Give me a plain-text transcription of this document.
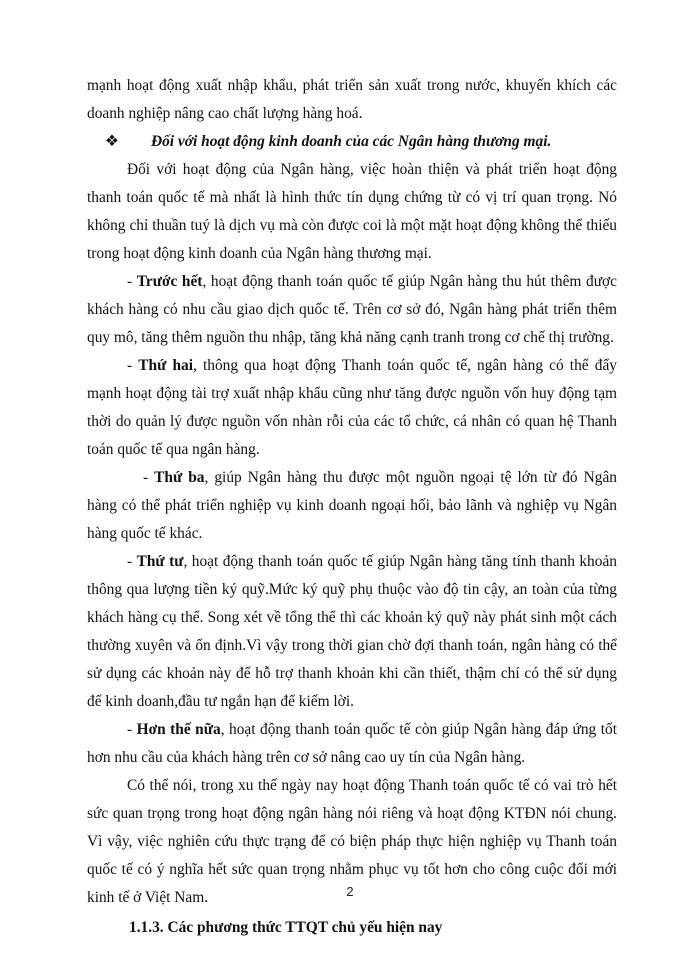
mạnh hoạt động xuất nhập khẩu, phát triển sản xuất trong nước, khuyến khích các doanh nghiệp nâng cao chất lượng hàng hoá.

❖ Đối với hoạt động kinh doanh của các Ngân hàng thương mại.

Đối với hoạt động của Ngân hàng, việc hoàn thiện và phát triển hoạt động thanh toán quốc tế mà nhất là hình thức tín dụng chứng từ có vị trí quan trọng. Nó không chỉ thuần tuý là dịch vụ mà còn được coi là một mặt hoạt động không thể thiếu trong hoạt động kinh doanh của Ngân hàng thương mại.

- Trước hết, hoạt động thanh toán quốc tế giúp Ngân hàng thu hút thêm được khách hàng có nhu cầu giao dịch quốc tế. Trên cơ sở đó, Ngân hàng phát triển thêm quy mô, tăng thêm nguồn thu nhập, tăng khả năng cạnh tranh trong cơ chế thị trường.

- Thứ hai, thông qua hoạt động Thanh toán quốc tế, ngân hàng có thể đẩy mạnh hoạt động tài trợ xuất nhập khẩu cũng như tăng được nguồn vốn huy động tạm thời do quản lý được nguồn vốn nhàn rỗi của các tổ chức, cá nhân có quan hệ Thanh toán quốc tế qua ngân hàng.

- Thứ ba, giúp Ngân hàng thu được một nguồn ngoại tệ lớn từ đó Ngân hàng có thể phát triển nghiệp vụ kinh doanh ngoại hối, bảo lãnh và nghiệp vụ Ngân hàng quốc tế khác.

- Thứ tư, hoạt động thanh toán quốc tế giúp Ngân hàng tăng tính thanh khoản thông qua lượng tiền ký quỹ.Mức ký quỹ phụ thuộc vào độ tin cậy, an toàn của từng khách hàng cụ thể. Song xét về tổng thể thì các khoản ký quỹ này phát sinh một cách thường xuyên và ổn định.Vì vậy trong thời gian chờ đợi thanh toán, ngân hàng có thể sử dụng các khoản này để hỗ trợ thanh khoản khi cần thiết, thậm chí có thể sử dụng để kinh doanh,đầu tư ngắn hạn để kiếm lời.

- Hơn thế nữa, hoạt động thanh toán quốc tế còn giúp Ngân hàng đáp ứng tốt hơn nhu cầu của khách hàng trên cơ sở nâng cao uy tín của Ngân hàng.

Có thể nói, trong xu thế ngày nay hoạt động Thanh toán quốc tế có vai trò hết sức quan trọng trong hoạt động ngân hàng nói riêng và hoạt động KTĐN nói chung. Vì vậy, việc nghiên cứu thực trạng để có biện pháp thực hiện nghiệp vụ Thanh toán quốc tế có ý nghĩa hết sức quan trọng nhằm phục vụ tốt hơn cho công cuộc đổi mới kinh tế ở Việt Nam.

1.1.3. Các phương thức TTQT chủ yếu hiện nay

2
